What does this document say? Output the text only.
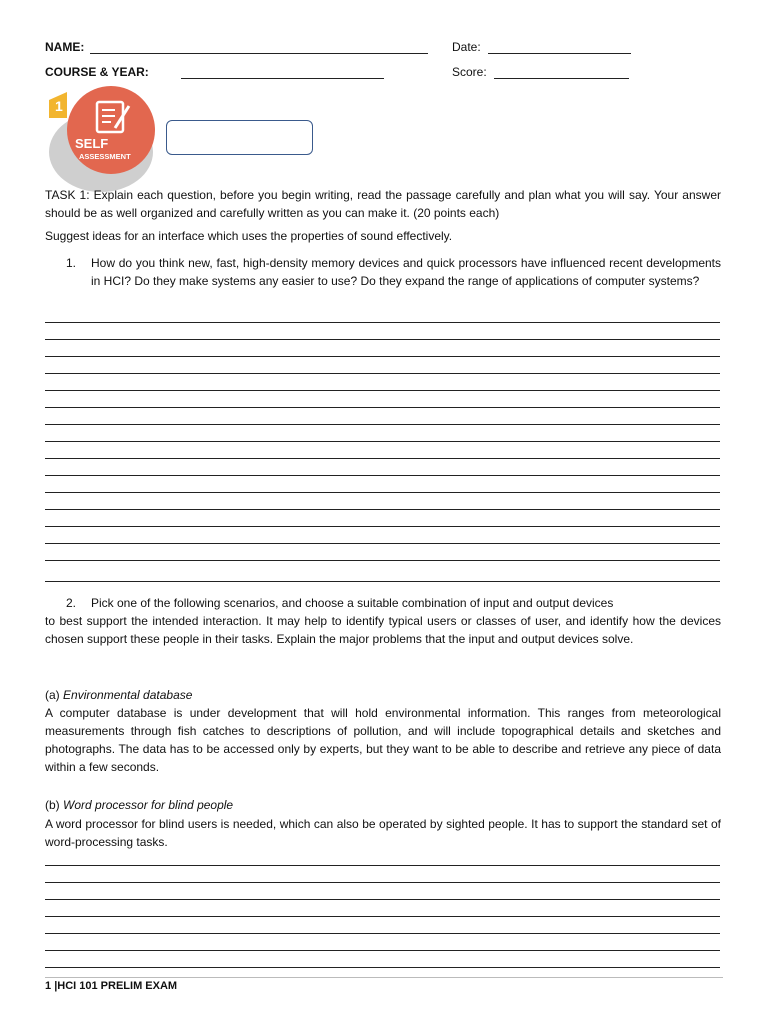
NAME:	Date:
COURSE & YEAR:	Score:
1
SELF
ASSESSMENT
TASK 1: Explain each question, before you begin writing, read the passage carefully and plan what you will say. Your answer should be as well organized and carefully written as you can make it. (20 points each)
Suggest ideas for an interface which uses the properties of sound effectively.
1. How do you think new, fast, high-density memory devices and quick processors have influenced recent developments in HCI? Do they make systems any easier to use? Do they expand the range of applications of computer systems?
2. Pick one of the following scenarios, and choose a suitable combination of input and output devices
to best support the intended interaction. It may help to identify typical users or classes of user, and identify how the devices chosen support these people in their tasks. Explain the major problems that the input and output devices solve.
(a) Environmental database
A computer database is under development that will hold environmental information. This ranges from meteorological measurements through fish catches to descriptions of pollution, and will include topographical details and sketches and photographs. The data has to be accessed only by experts, but they want to be able to describe and retrieve any piece of data within a few seconds.
(b) Word processor for blind people
A word processor for blind users is needed, which can also be operated by sighted people. It has to support the standard set of word-processing tasks.
1 |HCI 101 PRELIM EXAM
